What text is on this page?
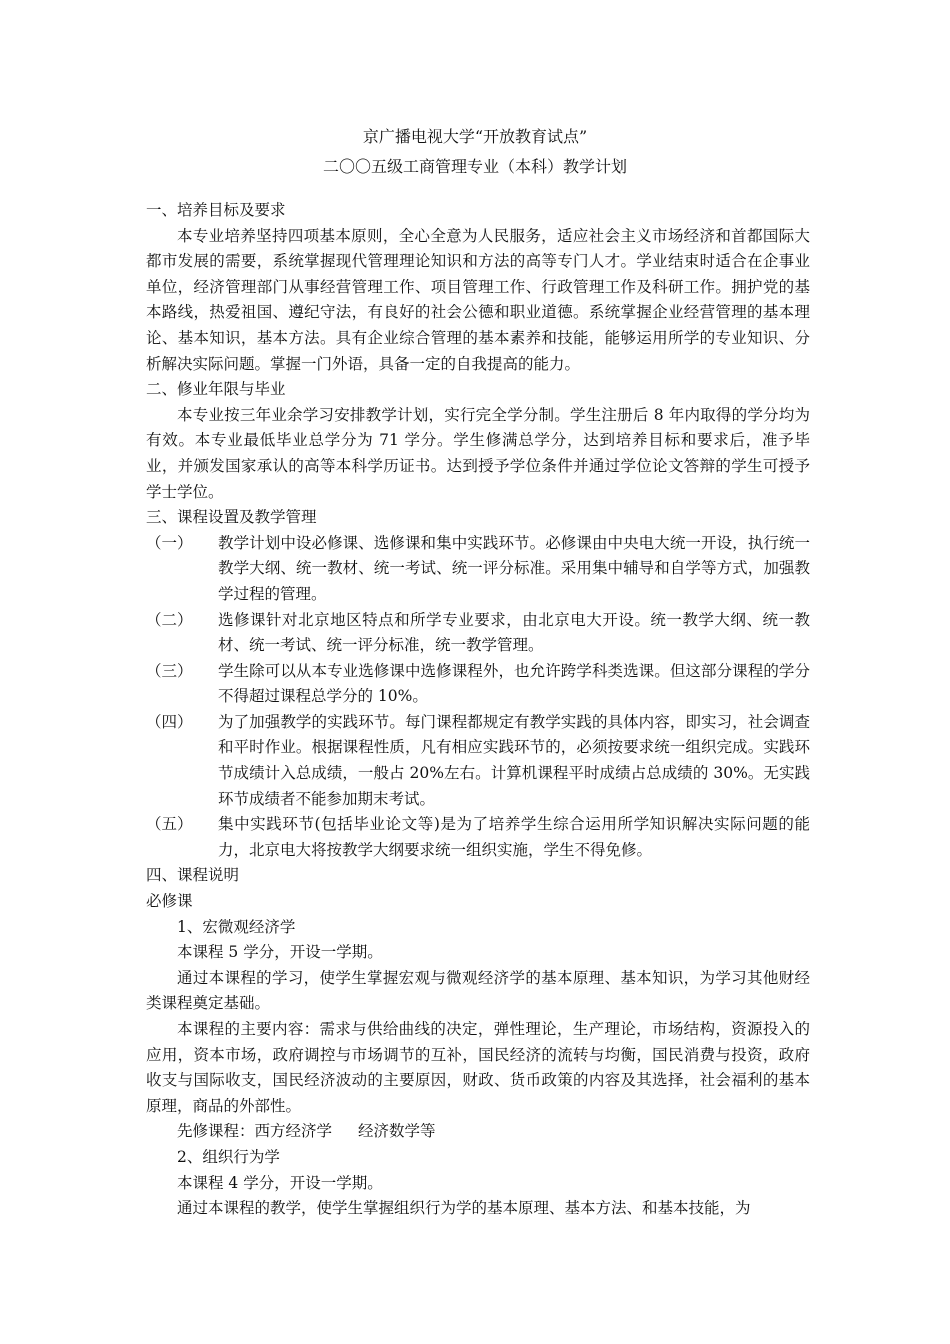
京广播电视大学“开放教育试点”
二〇〇五级工商管理专业（本科）教学计划

一、培养目标及要求

本专业培养坚持四项基本原则，全心全意为人民服务，适应社会主义市场经济和首都国际大都市发展的需要，系统掌握现代管理理论知识和方法的高等专门人才。学业结束时适合在企事业单位，经济管理部门从事经营管理工作、项目管理工作、行政管理工作及科研工作。拥护党的基本路线，热爱祖国、遵纪守法，有良好的社会公德和职业道德。系统掌握企业经营管理的基本理论、基本知识，基本方法。具有企业综合管理的基本素养和技能，能够运用所学的专业知识、分析解决实际问题。掌握一门外语，具备一定的自我提高的能力。

二、修业年限与毕业

本专业按三年业余学习安排教学计划，实行完全学分制。学生注册后 8 年内取得的学分均为有效。本专业最低毕业总学分为 71 学分。学生修满总学分，达到培养目标和要求后，准予毕业，并颁发国家承认的高等本科学历证书。达到授予学位条件并通过学位论文答辩的学生可授予学士学位。

三、课程设置及教学管理

（一）	教学计划中设必修课、选修课和集中实践环节。必修课由中央电大统一开设，执行统一教学大纲、统一教材、统一考试、统一评分标准。采用集中辅导和自学等方式，加强教学过程的管理。
（二）	选修课针对北京地区特点和所学专业要求，由北京电大开设。统一教学大纲、统一教材、统一考试、统一评分标准，统一教学管理。
（三）	学生除可以从本专业选修课中选修课程外，也允许跨学科类选课。但这部分课程的学分不得超过课程总学分的 10%。
（四）	为了加强教学的实践环节。每门课程都规定有教学实践的具体内容，即实习，社会调查和平时作业。根据课程性质，凡有相应实践环节的，必须按要求统一组织完成。实践环节成绩计入总成绩，一般占 20%左右。计算机课程平时成绩占总成绩的 30%。无实践环节成绩者不能参加期末考试。
（五）	集中实践环节(包括毕业论文等)是为了培养学生综合运用所学知识解决实际问题的能力，北京电大将按教学大纲要求统一组织实施，学生不得免修。

四、课程说明

必修课

1、宏微观经济学

本课程 5 学分，开设一学期。

通过本课程的学习，使学生掌握宏观与微观经济学的基本原理、基本知识，为学习其他财经类课程奠定基础。

本课程的主要内容：需求与供给曲线的决定，弹性理论，生产理论，市场结构，资源投入的应用，资本市场，政府调控与市场调节的互补，国民经济的流转与均衡，国民消费与投资，政府收支与国际收支，国民经济波动的主要原因，财政、货币政策的内容及其选择，社会福利的基本原理，商品的外部性。

先修课程：西方经济学 经济数学等

2、组织行为学

本课程 4 学分，开设一学期。

通过本课程的教学，使学生掌握组织行为学的基本原理、基本方法、和基本技能，为
